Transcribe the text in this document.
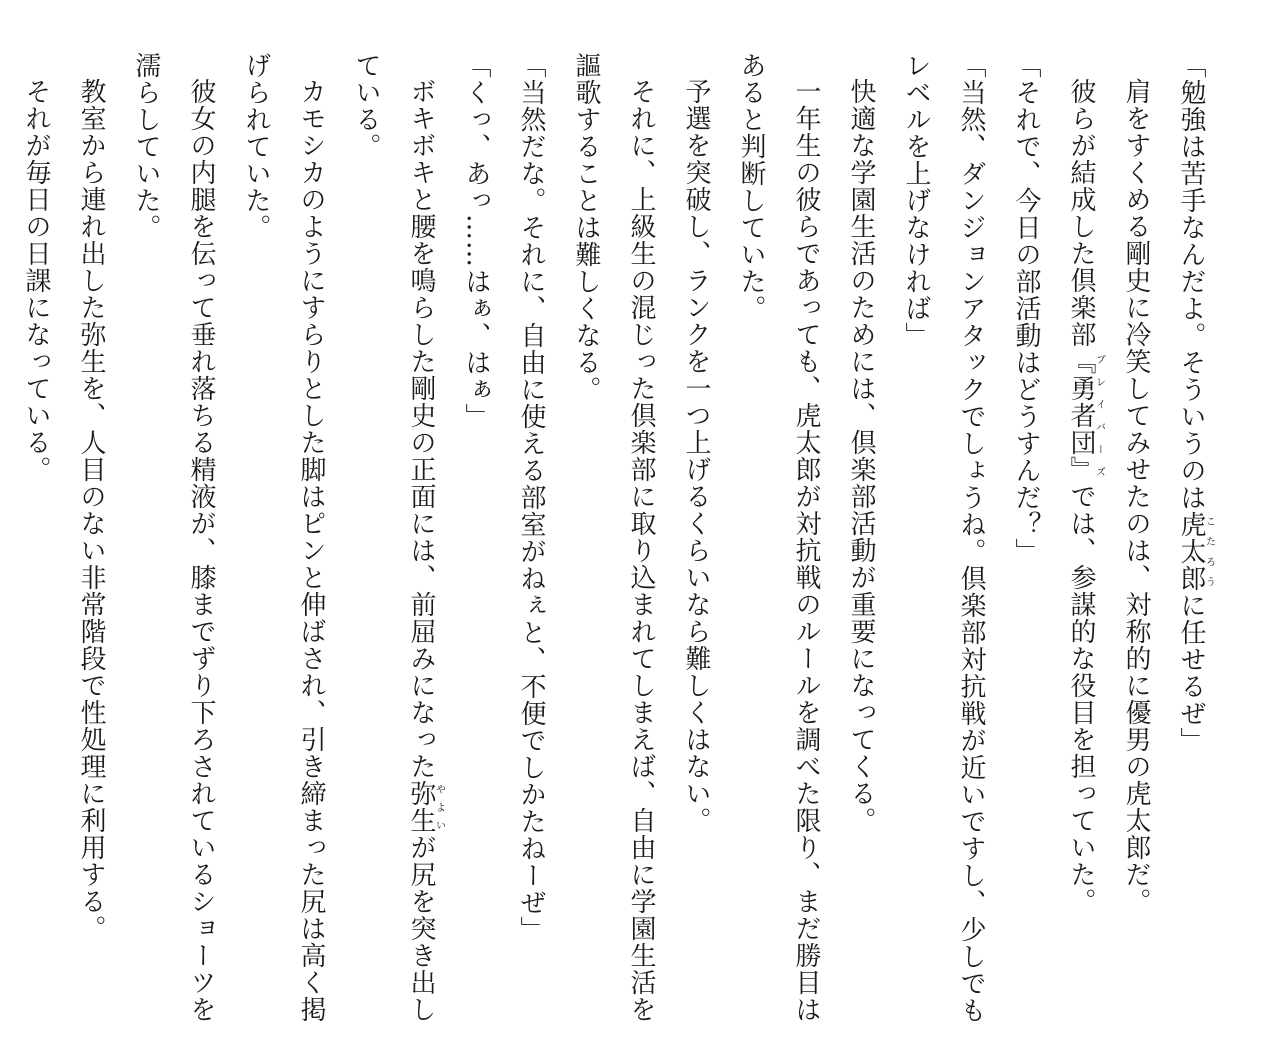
「勉強は苦手なんだよ。そういうのは虎太郎こたろうに任せるぜ」

肩をすくめる剛史に冷笑してみせたのは、対称的に優男の虎太郎だ。

彼らが結成した倶楽部『勇者団』ブレイバーズでは、参謀的な役目を担っていた。

「それで、今日の部活動はどうすんだ？」

「当然、ダンジョンアタックでしょうね。倶楽部対抗戦が近いですし、少しでもレベルを上げなければ」

快適な学園生活のためには、倶楽部活動が重要になってくる。

一年生の彼らであっても、虎太郎が対抗戦のルールを調べた限り、まだ勝目はあると判断していた。

予選を突破し、ランクを一つ上げるくらいなら難しくはない。

それに、上級生の混じった倶楽部に取り込まれてしまえば、自由に学園生活を謳歌することは難しくなる。

「当然だな。それに、自由に使える部室がねぇと、不便でしかたねーぜ」

「くっ、あっ……はぁ、はぁ」

ボキボキと腰を鳴らした剛史の正面には、前屈みになった弥生やよいが尻を突き出している。

カモシカのようにすらりとした脚はピンと伸ばされ、引き締まった尻は高く掲げられていた。

彼女の内腿を伝って垂れ落ちる精液が、膝までずり下ろされているショーツを濡らしていた。

教室から連れ出した弥生を、人目のない非常階段で性処理に利用する。

それが毎日の日課になっている。
